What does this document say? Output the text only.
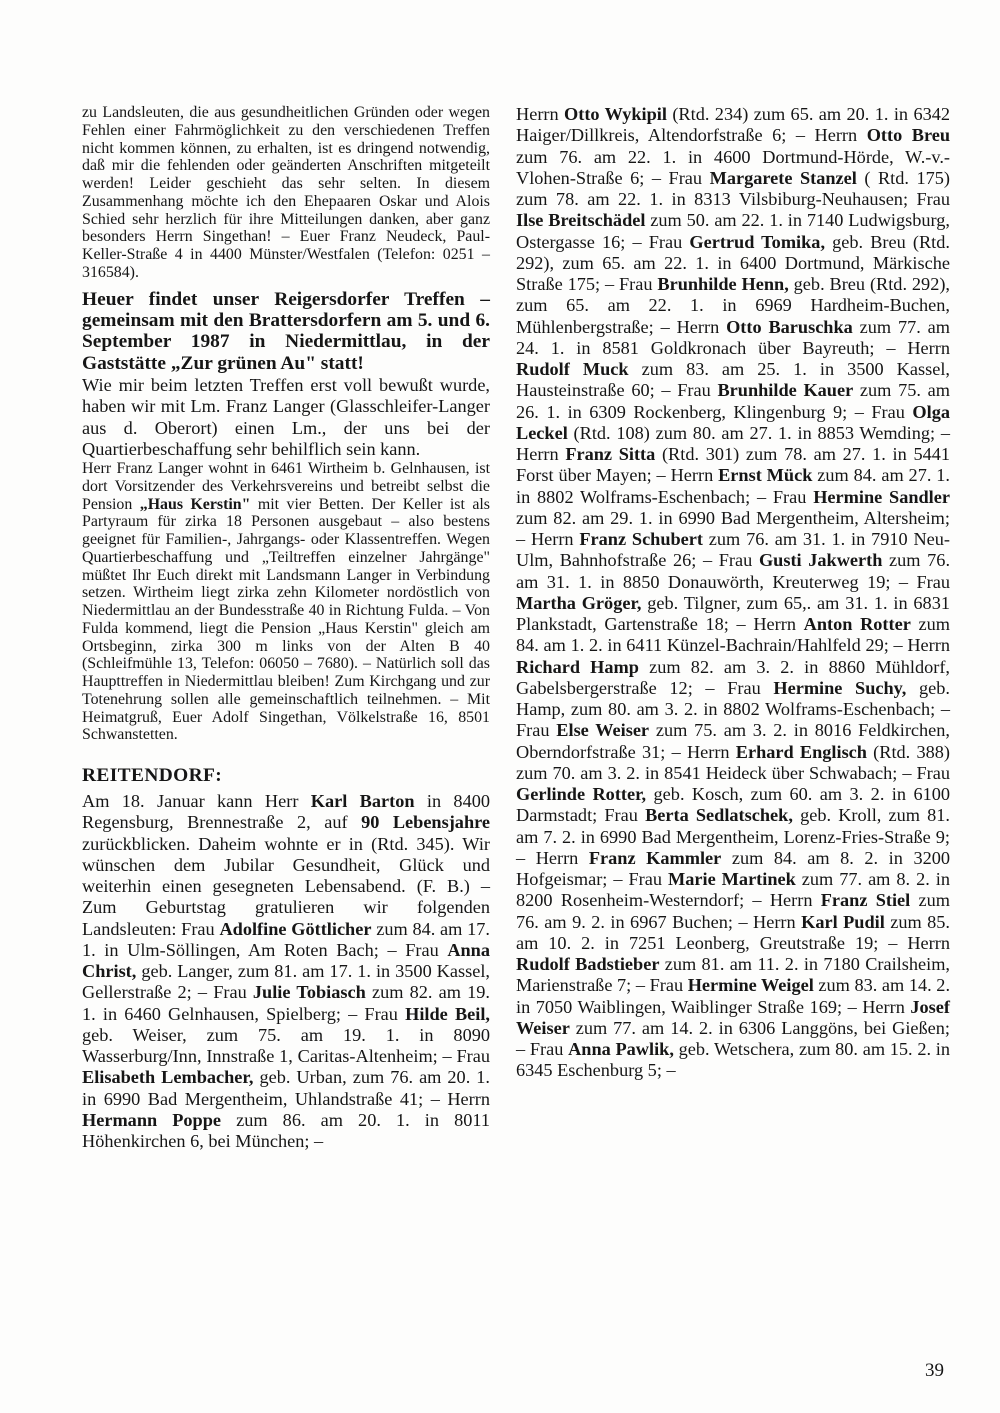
zu Landsleuten, die aus gesundheitlichen Gründen oder wegen Fehlen einer Fahrmöglichkeit zu den verschiedenen Treffen nicht kommen können, zu erhalten, ist es dringend notwendig, daß mir die fehlenden oder geänderten Anschriften mitgeteilt werden! Leider geschieht das sehr selten. In diesem Zusammenhang möchte ich den Ehepaaren Oskar und Alois Schied sehr herzlich für ihre Mitteilungen danken, aber ganz besonders Herrn Singethan! – Euer Franz Neudeck, Paul-Keller-Straße 4 in 4400 Münster/Westfalen (Telefon: 0251 – 316584).

Heuer findet unser Reigersdorfer Treffen – gemeinsam mit den Brattersdorfern am 5. und 6. September 1987 in Niedermittlau, in der Gaststätte „Zur grünen Au" statt!

Wie mir beim letzten Treffen erst voll bewußt wurde, haben wir mit Lm. Franz Langer (Glasschleifer-Langer aus d. Oberort) einen Lm., der uns bei der Quartierbeschaffung sehr behilflich sein kann.

Herr Franz Langer wohnt in 6461 Wirtheim b. Gelnhausen, ist dort Vorsitzender des Verkehrsvereins und betreibt selbst die Pension „Haus Kerstin" mit vier Betten. Der Keller ist als Partyraum für zirka 18 Personen ausgebaut – also bestens geeignet für Familien-, Jahrgangs- oder Klassentreffen. Wegen Quartierbeschaffung und „Teiltreffen einzelner Jahrgänge" müßtet Ihr Euch direkt mit Landsmann Langer in Verbindung setzen. Wirtheim liegt zirka zehn Kilometer nordöstlich von Niedermittlau an der Bundesstraße 40 in Richtung Fulda. – Von Fulda kommend, liegt die Pension „Haus Kerstin" gleich am Ortsbeginn, zirka 300 m links von der Alten B 40 (Schleifmühle 13, Telefon: 06050 – 7680). – Natürlich soll das Haupttreffen in Niedermittlau bleiben! Zum Kirchgang und zur Totenehrung sollen alle gemeinschaftlich teilnehmen. – Mit Heimatgruß, Euer Adolf Singethan, Völkelstraße 16, 8501 Schwanstetten.

REITENDORF:

Am 18. Januar kann Herr Karl Barton in 8400 Regensburg, Brennestraße 2, auf 90 Lebensjahre zurückblicken. Daheim wohnte er in (Rtd. 345). Wir wünschen dem Jubilar Gesundheit, Glück und weiterhin einen gesegneten Lebensabend. (F. B.) – Zum Geburtstag gratulieren wir folgenden Landsleuten: Frau Adolfine Göttlicher zum 84. am 17. 1. in Ulm-Söllingen, Am Roten Bach; – Frau Anna Christ, geb. Langer, zum 81. am 17. 1. in 3500 Kassel, Gellerstraße 2; – Frau Julie Tobiasch zum 82. am 19. 1. in 6460 Gelnhausen, Spielberg; – Frau Hilde Beil, geb. Weiser, zum 75. am 19. 1. in 8090 Wasserburg/Inn, Innstraße 1, Caritas-Altenheim; – Frau Elisabeth Lembacher, geb. Urban, zum 76. am 20. 1. in 6990 Bad Mergentheim, Uhlandstraße 41; – Herrn Hermann Poppe zum 86. am 20. 1. in 8011 Höhenkirchen 6, bei München; –

Herrn Otto Wykipil (Rtd. 234) zum 65. am 20. 1. in 6342 Haiger/Dillkreis, Altendorfstraße 6; – Herrn Otto Breu zum 76. am 22. 1. in 4600 Dortmund-Hörde, W.-v.-Vlohen-Straße 6; – Frau Margarete Stanzel ( Rtd. 175) zum 78. am 22. 1. in 8313 Vilsbiburg-Neuhausen; Frau Ilse Breitschädel zum 50. am 22. 1. in 7140 Ludwigsburg, Ostergasse 16; – Frau Gertrud Tomika, geb. Breu (Rtd. 292), zum 65. am 22. 1. in 6400 Dortmund, Märkische Straße 175; – Frau Brunhilde Henn, geb. Breu (Rtd. 292), zum 65. am 22. 1. in 6969 Hardheim-Buchen, Mühlenbergstraße; – Herrn Otto Baruschka zum 77. am 24. 1. in 8581 Goldkronach über Bayreuth; – Herrn Rudolf Muck zum 83. am 25. 1. in 3500 Kassel, Hausteinstraße 60; – Frau Brunhilde Kauer zum 75. am 26. 1. in 6309 Rockenberg, Klingenburg 9; – Frau Olga Leckel (Rtd. 108) zum 80. am 27. 1. in 8853 Wemding; – Herrn Franz Sitta (Rtd. 301) zum 78. am 27. 1. in 5441 Forst über Mayen; – Herrn Ernst Mück zum 84. am 27. 1. in 8802 Wolframs-Eschenbach; – Frau Hermine Sandler zum 82. am 29. 1. in 6990 Bad Mergentheim, Altersheim; – Herrn Franz Schubert zum 76. am 31. 1. in 7910 Neu-Ulm, Bahnhofstraße 26; – Frau Gusti Jakwerth zum 76. am 31. 1. in 8850 Donauwörth, Kreuterweg 19; – Frau Martha Gröger, geb. Tilgner, zum 65,. am 31. 1. in 6831 Plankstadt, Gartenstraße 18; – Herrn Anton Rotter zum 84. am 1. 2. in 6411 Künzel-Bachrain/Hahlfeld 29; – Herrn Richard Hamp zum 82. am 3. 2. in 8860 Mühldorf, Gabelsbergerstraße 12; – Frau Hermine Suchy, geb. Hamp, zum 80. am 3. 2. in 8802 Wolframs-Eschenbach; – Frau Else Weiser zum 75. am 3. 2. in 8016 Feldkirchen, Oberndorfstraße 31; – Herrn Erhard Englisch (Rtd. 388) zum 70. am 3. 2. in 8541 Heideck über Schwabach; – Frau Gerlinde Rotter, geb. Kosch, zum 60. am 3. 2. in 6100 Darmstadt; Frau Berta Sedlatschek, geb. Kroll, zum 81. am 7. 2. in 6990 Bad Mergentheim, Lorenz-Fries-Straße 9; – Herrn Franz Kammler zum 84. am 8. 2. in 3200 Hofgeismar; – Frau Marie Martinek zum 77. am 8. 2. in 8200 Rosenheim-Westerndorf; – Herrn Franz Stiel zum 76. am 9. 2. in 6967 Buchen; – Herrn Karl Pudil zum 85. am 10. 2. in 7251 Leonberg, Greutstraße 19; – Herrn Rudolf Badstieber zum 81. am 11. 2. in 7180 Crailsheim, Marienstraße 7; – Frau Hermine Weigel zum 83. am 14. 2. in 7050 Waiblingen, Waiblinger Straße 169; – Herrn Josef Weiser zum 77. am 14. 2. in 6306 Langgöns, bei Gießen; – Frau Anna Pawlik, geb. Wetschera, zum 80. am 15. 2. in 6345 Eschenburg 5; –

39
